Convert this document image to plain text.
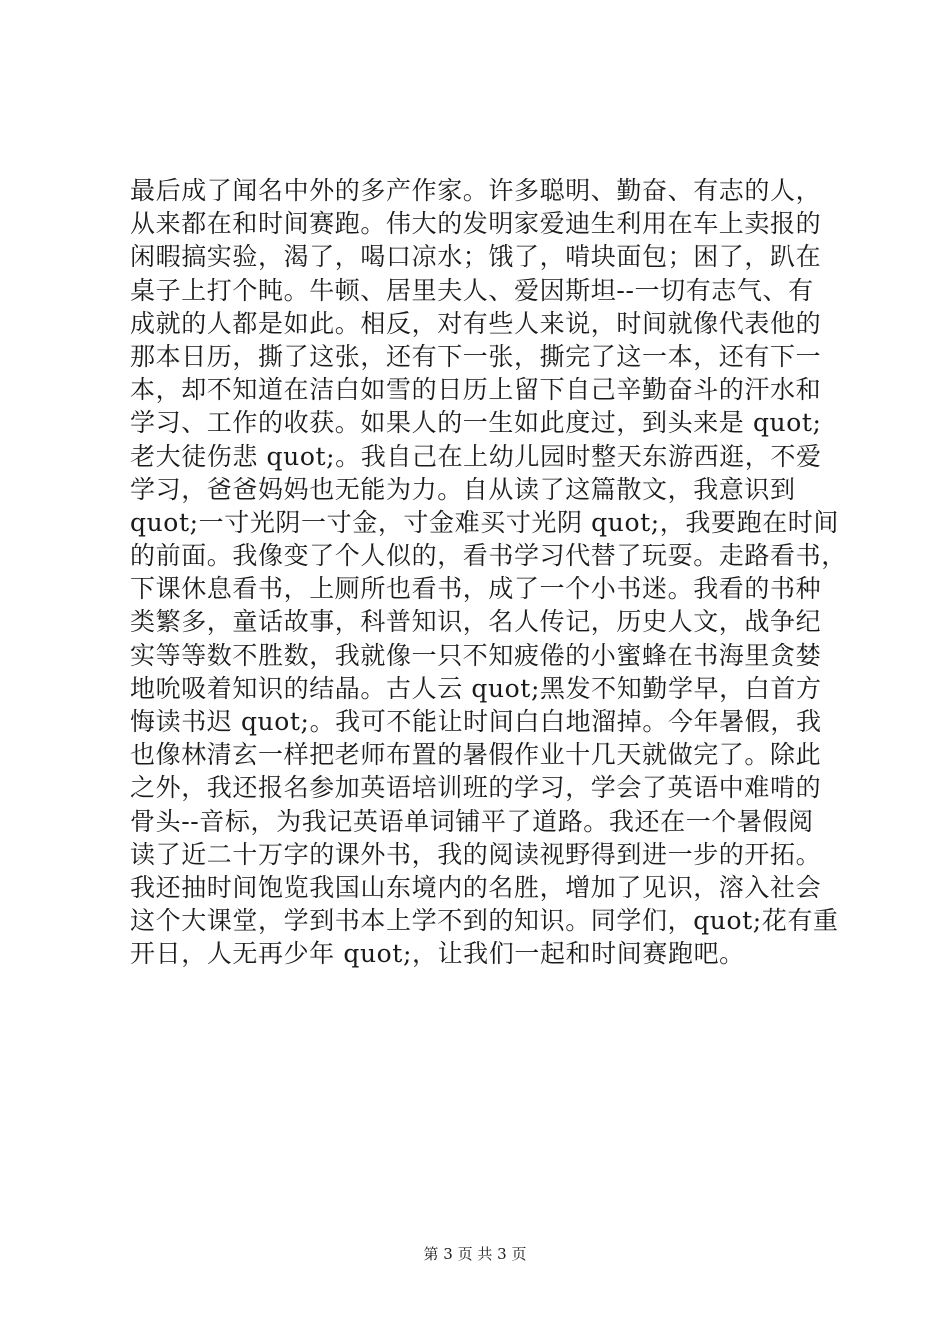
最后成了闻名中外的多产作家。许多聪明、勤奋、有志的人，
从来都在和时间赛跑。伟大的发明家爱迪生利用在车上卖报的
闲暇搞实验，渴了，喝口凉水；饿了，啃块面包；困了，趴在
桌子上打个盹。牛顿、居里夫人、爱因斯坦--一切有志气、有
成就的人都是如此。相反，对有些人来说，时间就像代表他的
那本日历，撕了这张，还有下一张，撕完了这一本，还有下一
本，却不知道在洁白如雪的日历上留下自己辛勤奋斗的汗水和
学习、工作的收获。如果人的一生如此度过，到头来是 quot;
老大徒伤悲 quot;。我自己在上幼儿园时整天东游西逛，不爱
学习，爸爸妈妈也无能为力。自从读了这篇散文，我意识到
quot;一寸光阴一寸金，寸金难买寸光阴 quot;，我要跑在时间
的前面。我像变了个人似的，看书学习代替了玩耍。走路看书，
下课休息看书，上厕所也看书，成了一个小书迷。我看的书种
类繁多，童话故事，科普知识，名人传记，历史人文，战争纪
实等等数不胜数，我就像一只不知疲倦的小蜜蜂在书海里贪婪
地吮吸着知识的结晶。古人云 quot;黑发不知勤学早，白首方
悔读书迟 quot;。我可不能让时间白白地溜掉。今年暑假，我
也像林清玄一样把老师布置的暑假作业十几天就做完了。除此
之外，我还报名参加英语培训班的学习，学会了英语中难啃的
骨头--音标，为我记英语单词铺平了道路。我还在一个暑假阅
读了近二十万字的课外书，我的阅读视野得到进一步的开拓。
我还抽时间饱览我国山东境内的名胜，增加了见识，溶入社会
这个大课堂，学到书本上学不到的知识。同学们，quot;花有重
开日，人无再少年 quot;，让我们一起和时间赛跑吧。
第 3 页 共 3 页
